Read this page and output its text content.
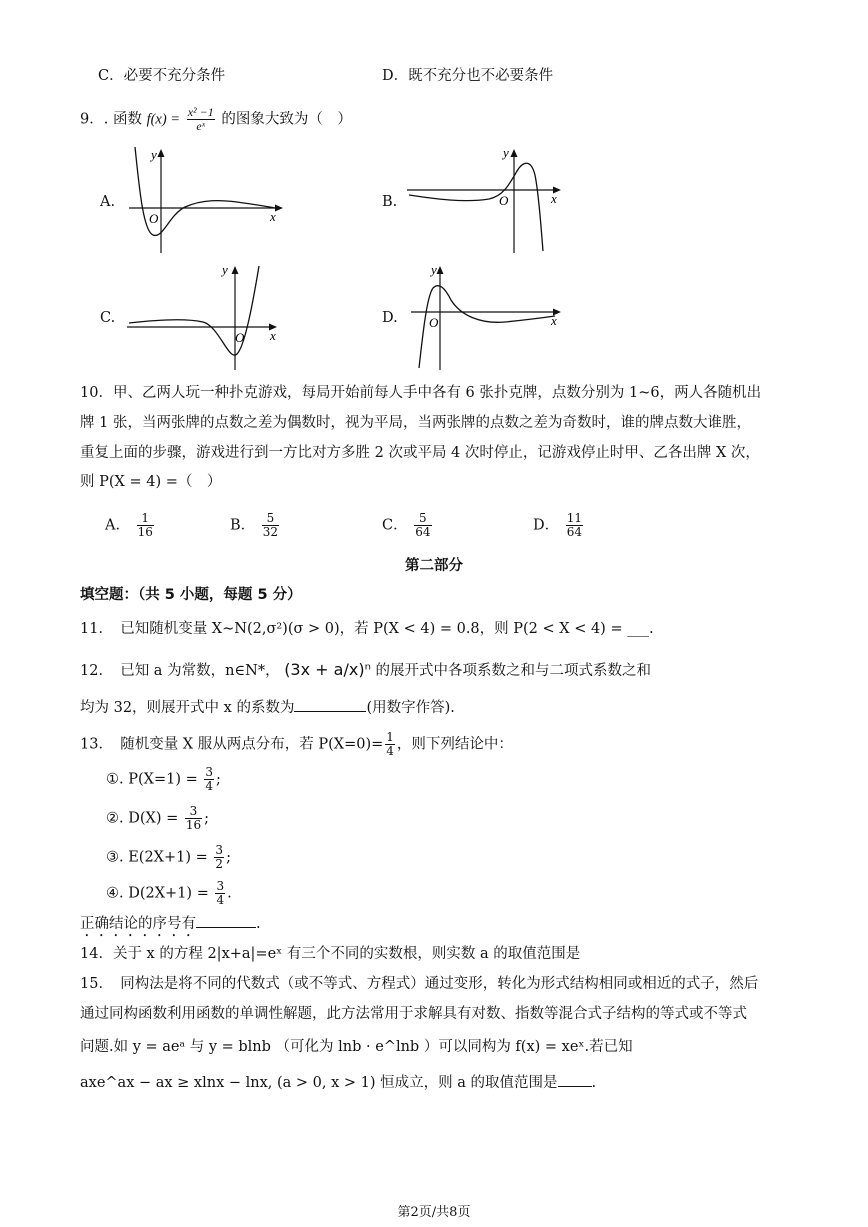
C．必要不充分条件	D．既不充分也不必要条件
9．. 函数 $f(x) = \frac{\text{x² −1}}{\text{eˣ}}$ 的图象大致为（　）
A.
O	x
y
B.	O	x
y
C.
O x
y
D. O	x
y
10．甲、乙两人玩一种扑克游戏，每局开始前每人手中各有 6 张扑克牌，点数分别为 1~6，两人各随机出
牌 1 张，当两张牌的点数之差为偶数时，视为平局，当两张牌的点数之差为奇数时，谁的牌点数大谁胜，
重复上面的步骤，游戏进行到一方比对方多胜 2 次或平局 4 次时停止，记游戏停止时甲、乙各出牌 X 次，
则 P(X = 4) =（　）
A． $\frac{1}{16}$	B． $\frac{5}{32}$	C． $\frac{5}{64}$	D． $\frac{11}{64}$
第二部分
填空题：（共 5 小题，每题 5 分）
11．　已知随机变量 X∼N(2,σ²)(σ > 0)，若 P(X < 4) = 0.8，则 P(2 < X < 4) = ___.
12．　已知 a 为常数，n∈N*， (3x + a/x)ⁿ 的展开式中各项系数之和与二项式系数之和
均为 32，则展开式中 x 的系数为	(用数字作答).
13．　随机变量 X 服从两点分布，若 $P(X=0)= \frac{1}{4}$ ，则下列结论中：
①. $P(X=1) = \frac{3}{4}$ ;
②. $D(X) = \frac{3}{16}$ ;
③. $E(2X+1) = \frac{3}{2}$ ;
④. $D(2X+1) = \frac{3}{4}$ .
正确结论的序号有	.
14．关于 x 的方程 2|x+a|=eˣ 有三个不同的实数根，则实数 a 的取值范围是
15．　同构法是将不同的代数式（或不等式、方程式）通过变形，转化为形式结构相同或相近的式子，然后
通过同构函数利用函数的单调性解题，此方法常用于求解具有对数、指数等混合式子结构的等式或不等式
问题.如 y = aeᵃ 与 y = blnb （可化为 lnb · e^lnb ）可以同构为 f(x) = xeˣ.若已知
axe^ax − ax ≥ xlnx − lnx, (a > 0, x > 1) 恒成立，则 a 的取值范围是 .
第2页/共8页
